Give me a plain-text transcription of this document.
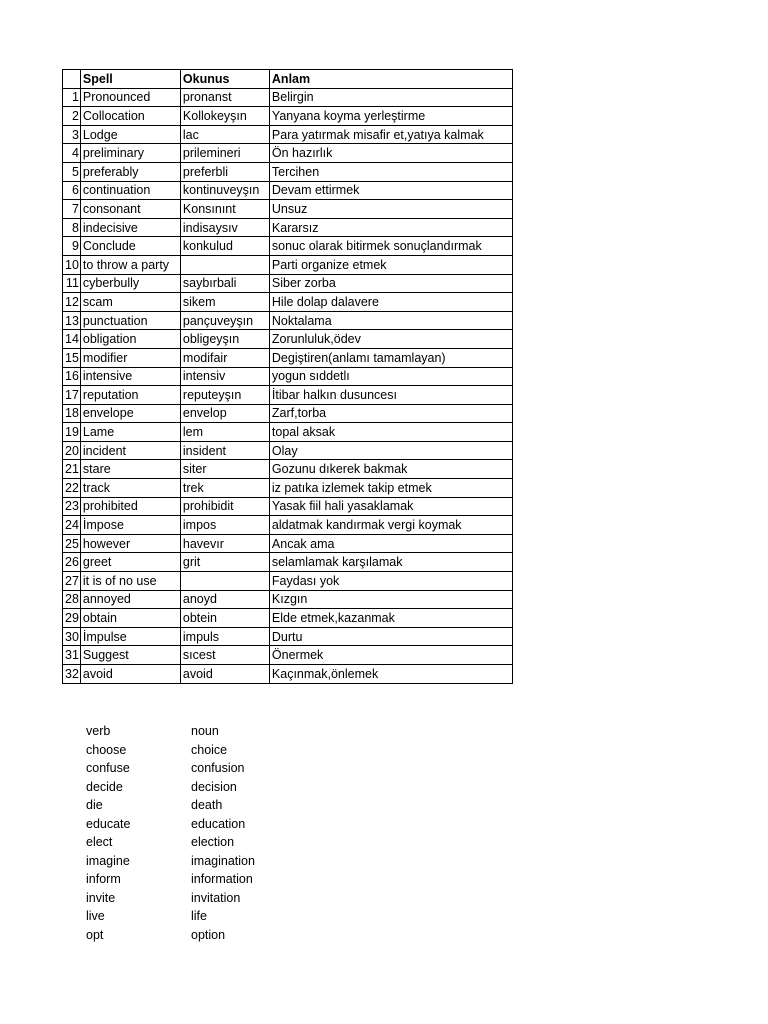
	Spell	Okunus	Anlam
1	Pronounced	pronanst	Belirgin
2	Collocation	Kollokeyşın	Yanyana koyma yerleştirme
3	Lodge	lac	Para yatırmak misafir et,yatıya kalmak
4	preliminary	prilemineri	Ön hazırlık
5	preferably	preferbli	Tercihen
6	continuation	kontinuveyşın	Devam ettirmek
7	consonant	Konsınınt	Unsuz
8	indecisive	indisaysıv	Kararsız
9	Conclude	konkulud	sonuc olarak bitirmek sonuçlandırmak
10	to throw a party		Parti organize etmek
11	cyberbully	saybırbali	Siber zorba
12	scam	sikem	Hile dolap dalavere
13	punctuation	pançuveyşın	Noktalama
14	obligation	obligeyşın	Zorunluluk,ödev
15	modifier	modifair	Degiştiren(anlamı tamamlayan)
16	intensive	intensiv	yogun sıddetlı
17	reputation	reputeyşın	İtibar halkın dusuncesı
18	envelope	envelop	Zarf,torba
19	Lame	lem	topal aksak
20	incident	insident	Olay
21	stare	siter	Gozunu dıkerek bakmak
22	track	trek	iz patıka izlemek takip etmek
23	prohibited	prohibidit	Yasak fiil hali yasaklamak
24	İmpose	impos	aldatmak kandırmak vergi koymak
25	however	havevır	Ancak ama
26	greet	grit	selamlamak karşılamak
27	it is of no use		Faydası yok
28	annoyed	anoyd	Kızgın
29	obtain	obtein	Elde etmek,kazanmak
30	İmpulse	impuls	Durtu
31	Suggest	sıcest	Önermek
32	avoid	avoid	Kaçınmak,önlemek
verb	noun
choose	choice
confuse	confusion
decide	decision
die	death
educate	education
elect	election
imagine	imagination
inform	information
invite	invitation
live	life
opt	option
